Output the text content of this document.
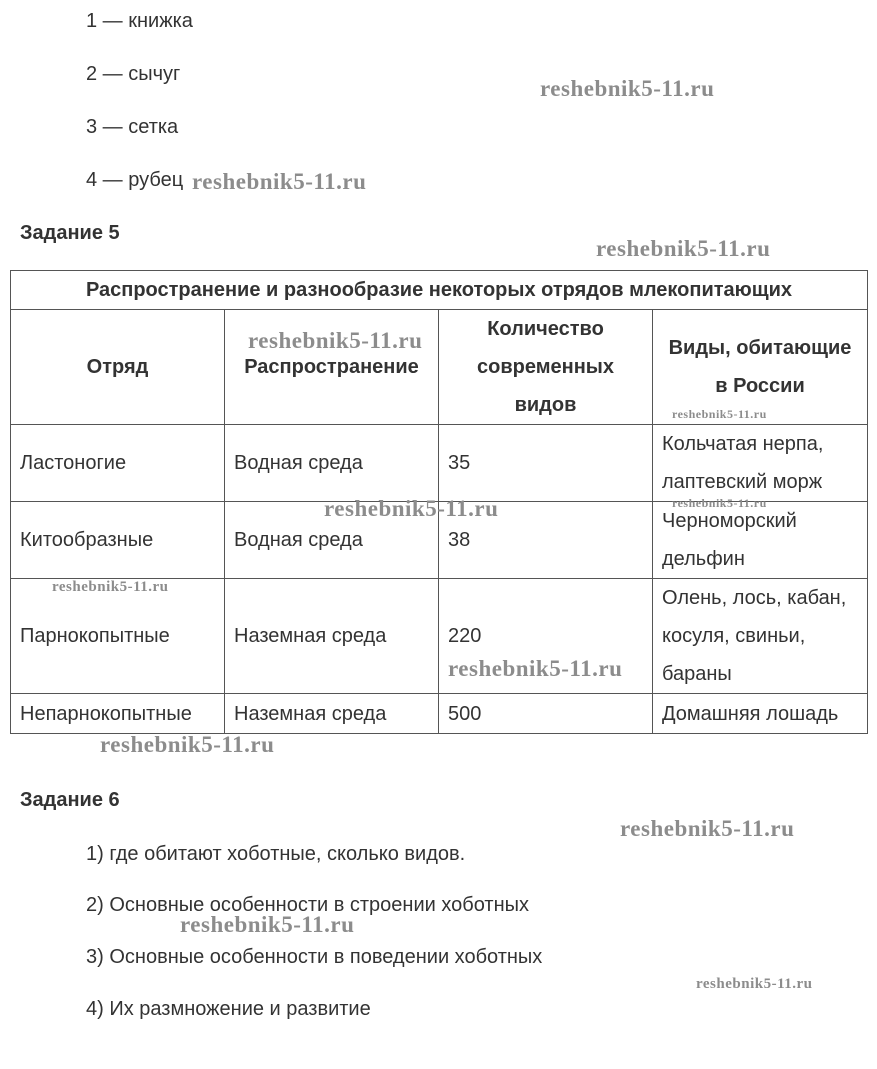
1 — книжка
2 — сычуг
3 — сетка
4 — рубец
Задание 5
Распространение и разнообразие некоторых отрядов млекопитающих			
Отряд	Распространение	Количество современных видов	Виды, обитающие в России
Ластоногие	Водная среда	35	Кольчатая нерпа, лаптевский морж
Китообразные	Водная среда	38	Черноморский дельфин
Парнокопытные	Наземная среда	220	Олень, лось, кабан, косуля, свиньи, бараны
Непарнокопытные	Наземная среда	500	Домашняя лошадь
Задание 6
1) где обитают хоботные, сколько видов.
2) Основные особенности в строении хоботных
3) Основные особенности в поведении хоботных
4) Их размножение и развитие
reshebnik5-11.ru
reshebnik5-11.ru
reshebnik5-11.ru
reshebnik5-11.ru
reshebnik5-11.ru
reshebnik5-11.ru	reshebnik5-11.ru
reshebnik5-11.ru
reshebnik5-11.ru
reshebnik5-11.ru
reshebnik5-11.ru
reshebnik5-11.ru
reshebnik5-11.ru
